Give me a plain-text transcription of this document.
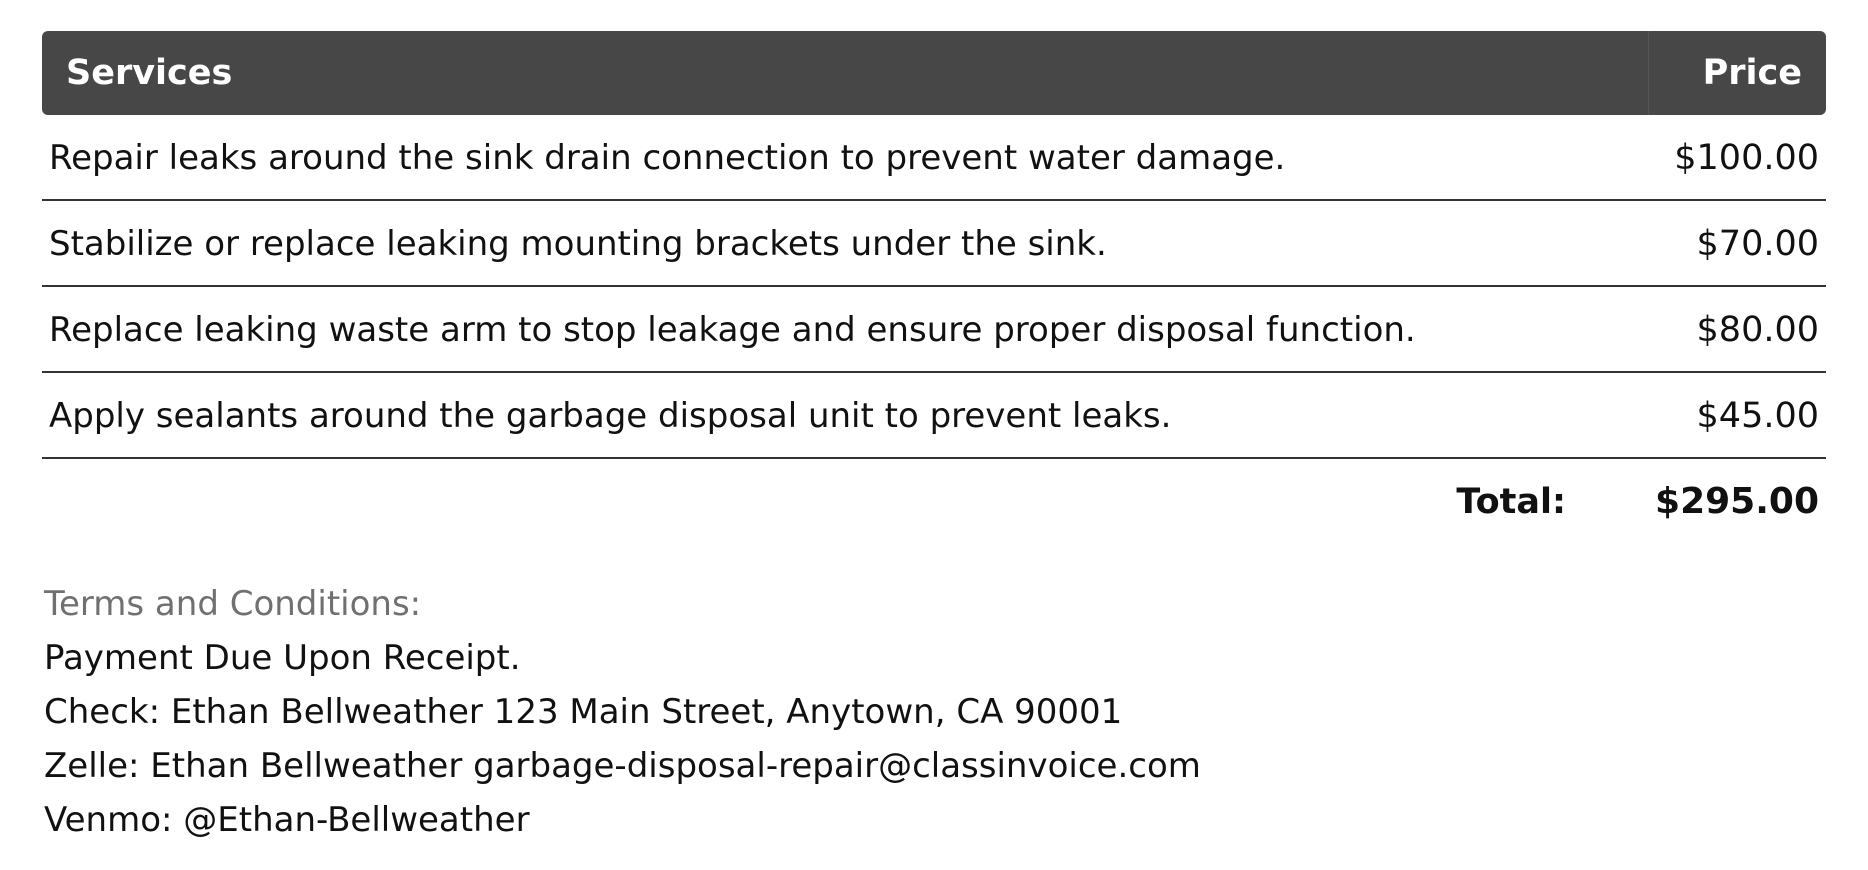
Services	Price
Repair leaks around the sink drain connection to prevent water damage.	$100.00
Stabilize or replace leaking mounting brackets under the sink.	$70.00
Replace leaking waste arm to stop leakage and ensure proper disposal function.	$80.00
Apply sealants around the garbage disposal unit to prevent leaks.	$45.00
Total: $295.00

Terms and Conditions:

Payment Due Upon Receipt.

Check: Ethan Bellweather 123 Main Street, Anytown, CA 90001

Zelle: Ethan Bellweather garbage-disposal-repair@classinvoice.com

Venmo: @Ethan-Bellweather
